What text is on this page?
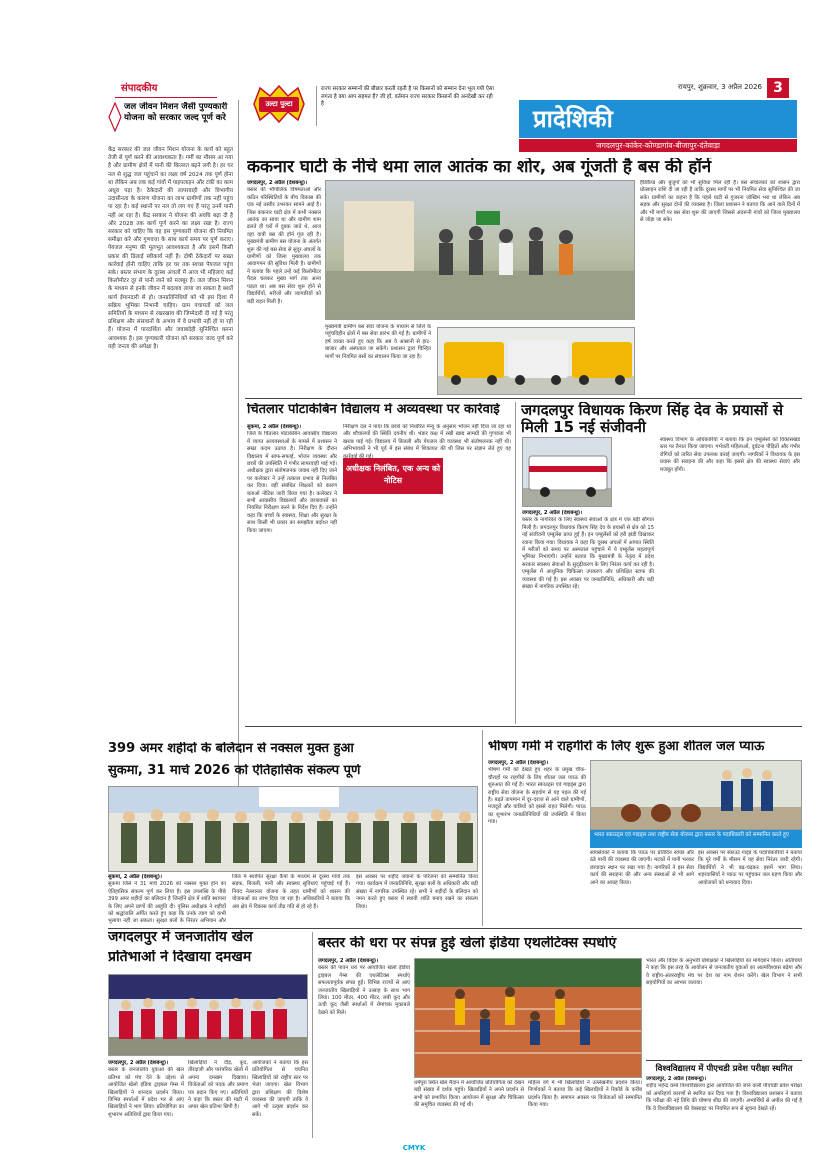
संपादकीय
उल्टा पुल्टा
राज्य सरकार सम्मानों की बौछार करती रहती है पर किसानों को सम्मान देना भूल गयी ऐसा लगता है क्या आप सहमत हैं? जी हाँ, वर्तमान राज्य सरकार किसानों की अनदेखी कर रही है
रायपुर, शुक्रवार, 3 अप्रैल 2026 3
प्रादेशिकी
जगदलपुर-कांकेर-कोण्डागांव-बीजापुर-दंतेवाड़ा
जल जीवन मिशन जैसी पुण्यकारी योजना को सरकार जल्द पूर्ण करे
केंद्र सरकार की जल जीवन मिशन योजना के कार्य को बहुत तेजी से पूर्ण करने की आवश्यकता है। गर्मी का मौसम आ गया है और ग्रामीण क्षेत्रों में पानी की किल्लत बढ़ने लगी है। हर घर नल से शुद्ध जल पहुंचाने का लक्ष्य वर्ष 2024 तक पूर्ण होना था लेकिन अब तक कई गांवों में पाइपलाइन और टंकी का काम अधूरा पड़ा है। ठेकेदारों की लापरवाही और विभागीय उदासीनता के कारण योजना का लाभ ग्रामीणों तक नहीं पहुंच पा रहा है। कई स्थानों पर नल तो लग गए हैं परंतु उनमें पानी नहीं आ रहा है। केंद्र सरकार ने योजना की अवधि बढ़ा दी है और 2028 तक कार्य पूर्ण करने का लक्ष्य रखा है। राज्य सरकार को चाहिए कि वह इस पुण्यकारी योजना की नियमित समीक्षा करे और गुणवत्ता के साथ कार्य समय पर पूर्ण कराए। पेयजल मनुष्य की मूलभूत आवश्यकता है और इसमें किसी प्रकार की ढिलाई स्वीकार्य नहीं है। दोषी ठेकेदारों पर सख्त कार्रवाई होनी चाहिए ताकि हर घर तक स्वच्छ पेयजल पहुंच सके। बस्तर संभाग के दूरस्थ अंचलों में आज भी महिलाएं कई किलोमीटर दूर से पानी लाने को मजबूर हैं। जल जीवन मिशन के माध्यम से इनके जीवन में बदलाव लाया जा सकता है बशर्ते कार्य ईमानदारी से हो। जनप्रतिनिधियों को भी इस दिशा में सक्रिय भूमिका निभानी चाहिए। ग्राम पंचायतों को जल समितियों के माध्यम से रखरखाव की जिम्मेदारी दी गई है परंतु प्रशिक्षण और संसाधनों के अभाव में वे प्रभावी नहीं हो पा रही हैं। योजना में पारदर्शिता और जवाबदेही सुनिश्चित करना आवश्यक है। इस पुण्यकारी योजना को सरकार जल्द पूर्ण करे यही जनता की अपेक्षा है।
ककनार घाटी के नीचे थमा लाल आतंक का शोर, अब गूंजती है बस की हॉर्न
जगदलपुर, 2 अप्रैल (देशबन्धु)।
बस्तर की भौगोलिक विषमताओं और कठिन परिस्थितियों के बीच विकास की एक नई तस्वीर उभरकर सामने आई है। जिस ककनार घाटी क्षेत्र में कभी नक्सल आतंक का साया था और ग्रामीण शाम ढलते ही घरों में दुबक जाते थे, आज वहां यात्री बस की हॉर्न गूंज रही है। मुख्यमंत्री ग्रामीण बस योजना के अंतर्गत शुरू की गई बस सेवा से सुदूर अंचलों के ग्रामीणों को जिला मुख्यालय तक आवागमन की सुविधा मिली है। ग्रामीणों ने बताया कि पहले उन्हें कई किलोमीटर पैदल चलकर मुख्य मार्ग तक आना पड़ता था। अब बस सेवा शुरू होने से विद्यार्थियों, मरीजों और व्यापारियों को बड़ी राहत मिली है।
मुख्यमंत्री ग्रामीण बस सेवा योजना के माध्यम से जिले के पहुंचविहीन क्षेत्रों में बस सेवा प्रारंभ की गई है। ग्रामीणों ने हर्ष व्यक्त करते हुए कहा कि अब वे आसानी से हाट-बाजार और अस्पताल जा सकेंगे। प्रशासन द्वारा चिन्हित मार्गों पर नियमित बसों का संचालन किया जा रहा है।
हैंडिकैप्ड और बुजुर्गों को भी सुविधा मिल रही है। बस संचालकों को शासन द्वारा प्रोत्साहन राशि दी जा रही है ताकि दूरस्थ मार्गों पर भी नियमित सेवा सुनिश्चित की जा सके। ग्रामीणों का कहना है कि पहले घाटी से गुजरना जोखिम भरा था लेकिन अब सड़क और सुरक्षा दोनों की व्यवस्था है। जिला प्रशासन ने बताया कि आने वाले दिनों में और भी मार्गों पर बस सेवा शुरू की जाएगी जिससे अंदरूनी गांवों को जिला मुख्यालय से जोड़ा जा सके।
चिंतलार पोटाकेबिन विद्यालय में अव्यवस्था पर कार्रवाई
सुकमा, 2 अप्रैल (देशबन्धु)।
जिले के चिंतलार पोटाकेबिन आवासीय विद्यालय में व्याप्त अव्यवस्थाओं के मामले में प्रशासन ने सख्त कदम उठाया है। निरीक्षण के दौरान विद्यालय में साफ-सफाई, भोजन व्यवस्था और छात्रों की उपस्थिति में गंभीर लापरवाही पाई गई। अधीक्षक द्वारा संतोषजनक जवाब नहीं दिए जाने पर कलेक्टर ने उन्हें तत्काल प्रभाव से निलंबित कर दिया। वहीं संबंधित शिक्षकों को कारण बताओ नोटिस जारी किया गया है। कलेक्टर ने सभी आवासीय विद्यालयों और छात्रावासों का नियमित निरीक्षण करने के निर्देश दिए हैं। उन्होंने कहा कि बच्चों के स्वास्थ्य, शिक्षा और सुरक्षा के साथ किसी भी प्रकार का समझौता बर्दाश्त नहीं किया जाएगा।
अधीक्षक निलंबित, एक अन्य को नोटिस
निरीक्षण दल ने पाया कि छात्रों को निर्धारित मेन्यू के अनुसार भोजन नहीं दिया जा रहा था और शौचालयों की स्थिति दयनीय थी। भंडार कक्ष में रखी खाद्य सामग्री की गुणवत्ता भी खराब पाई गई। विद्यालय में बिजली और पेयजल की व्यवस्था भी संतोषजनक नहीं थी। अभिभावकों ने भी पूर्व में इस संबंध में शिकायत की थी जिस पर संज्ञान लेते हुए यह कार्रवाई की गई।
जगदलपुर विधायक किरण सिंह देव के प्रयासों से मिली 15 नई संजीवनी
जगदलपुर, 2 अप्रैल (देशबन्धु)।
बस्तर के नागरिकों के लिए स्वास्थ्य सेवाओं के क्षेत्र में एक बड़ी सौगात मिली है। जगदलपुर विधायक किरण सिंह देव के प्रयासों से क्षेत्र को 15 नई संजीवनी एम्बुलेंस प्राप्त हुई हैं। इन एम्बुलेंसों को हरी झंडी दिखाकर रवाना किया गया। विधायक ने कहा कि दूरस्थ अंचलों में आपात स्थिति में मरीजों को समय पर अस्पताल पहुंचाने में ये एम्बुलेंस महत्वपूर्ण भूमिका निभाएंगी। उन्होंने बताया कि मुख्यमंत्री के नेतृत्व में प्रदेश सरकार स्वास्थ्य सेवाओं के सुदृढ़ीकरण के लिए निरंतर कार्य कर रही है। एम्बुलेंस में आधुनिक चिकित्सा उपकरण और प्रशिक्षित स्टाफ की व्यवस्था की गई है। इस अवसर पर जनप्रतिनिधि, अधिकारी और बड़ी संख्या में नागरिक उपस्थित रहे।
स्वास्थ्य विभाग के अधिकारियों ने बताया कि इन एम्बुलेंसों को विकासखंड स्तर पर तैनात किया जाएगा। गर्भवती महिलाओं, दुर्घटना पीड़ितों और गंभीर रोगियों को त्वरित सेवा उपलब्ध कराई जाएगी। नागरिकों ने विधायक के इस प्रयास की सराहना की और कहा कि इससे क्षेत्र की स्वास्थ्य सेवाएं और मजबूत होंगी।
399 अमर शहीदों के बलिदान से नक्सल मुक्त हुआ
सुकमा, 31 मार्च 2026 को ऐतिहासिक संकल्प पूर्ण
सुकमा, 2 अप्रैल (देशबन्धु)।
सुकमा जिले ने 31 मार्च 2026 को नक्सल मुक्त होने का ऐतिहासिक संकल्प पूर्ण कर लिया है। इस उपलब्धि के पीछे 399 अमर शहीदों का बलिदान है जिन्होंने क्षेत्र में शांति स्थापना के लिए अपने प्राणों की आहुति दी। पुलिस अधीक्षक ने शहीदों को श्रद्धांजलि अर्पित करते हुए कहा कि उनके त्याग को कभी भुलाया नहीं जा सकता। सुरक्षा बलों के निरंतर अभियान और
जिले में स्थापित सुरक्षा कैंपों के माध्यम से दूरस्थ गांवों तक सड़क, बिजली, पानी और स्वास्थ्य सुविधाएं पहुंचाई गई हैं। नियद नेल्लानार योजना के तहत ग्रामीणों को शासन की योजनाओं का लाभ दिया जा रहा है। अधिकारियों ने बताया कि अब क्षेत्र में विकास कार्य तीव्र गति से हो रहे हैं।
इस अवसर पर शहीद जवानों के परिजनों को सम्मानित किया गया। कार्यक्रम में जनप्रतिनिधि, सुरक्षा बलों के अधिकारी और बड़ी संख्या में नागरिक उपस्थित रहे। सभी ने शहीदों के बलिदान को नमन करते हुए बस्तर में स्थायी शांति बनाए रखने का संकल्प लिया।
भीषण गर्मी में राहगीरों के लिए शुरू हुआ शीतल जल प्याऊ
जगदलपुर, 2 अप्रैल (देशबन्धु)।
भीषण गर्मी को देखते हुए शहर के प्रमुख चौक-चौराहों पर राहगीरों के लिए शीतल जल प्याऊ की शुरुआत की गई है। भारत स्काउट्स एवं गाइड्स द्वारा राष्ट्रीय सेवा योजना के सहयोग से यह पहल की गई है। बढ़ते तापमान में दूर-दराज से आने वाले ग्रामीणों, मजदूरों और यात्रियों को इससे राहत मिलेगी। प्याऊ का शुभारंभ जनप्रतिनिधियों की उपस्थिति में किया गया।
भारत स्काउट्स एवं गाइड्स तथा राष्ट्रीय सेवा योजना द्वारा बस्तर के पदाधिकारी को सम्मानित करते हुए
स्वयंसेवकों ने बताया कि प्याऊ पर प्रतिदिन स्वच्छ और ठंडे पानी की व्यवस्था की जाएगी। मटकों में पानी भरकर छायादार स्थान पर रखा गया है। नागरिकों ने इस सेवा कार्य की सराहना की और अन्य संस्थाओं से भी आगे आने का आग्रह किया।
इस अवसर पर स्काउट गाइड के पदाधिकारियों ने बताया कि पूरे गर्मी के मौसम में यह सेवा निरंतर जारी रहेगी। विद्यार्थियों ने भी बढ़-चढ़कर इसमें भाग लिया। शहरवासियों ने प्याऊ पर पहुंचकर जल ग्रहण किया और आयोजकों को धन्यवाद दिया।
जगदलपुर में जनजातीय खेल
प्रतिभाओं ने दिखाया दमखम
जगदलपुर, 2 अप्रैल (देशबन्धु)।
बस्तर के जनजातीय युवाओं की खेल प्रतिभा को मंच देने के उद्देश्य से आयोजित खेलो इंडिया ट्राइबल गेम्स में खिलाड़ियों ने शानदार प्रदर्शन किया। विभिन्न स्पर्धाओं में प्रदेश भर से आए खिलाड़ियों ने भाग लिया। प्रतियोगिता का शुभारंभ अतिथियों द्वारा किया गया।
खिलाड़ियों ने दौड़, कूद, तीरंदाजी और पारंपरिक खेलों में अपना दमखम दिखाया। विजेताओं को पदक और प्रमाण पत्र प्रदान किए गए। अतिथियों ने कहा कि बस्तर की माटी में अपार खेल प्रतिभा छिपी है।
आयोजकों ने बताया कि इस प्रतियोगिता से चयनित खिलाड़ियों को राष्ट्रीय स्तर पर भेजा जाएगा। खेल विभाग द्वारा प्रशिक्षण की विशेष व्यवस्था की जाएगी ताकि वे आगे भी उत्कृष्ट प्रदर्शन कर सकें।
बस्तर की धरा पर संपन्न हुई खेलो इंडिया एथलेटिक्स स्पर्धाएं
जगदलपुर, 2 अप्रैल (देशबन्धु)।
बस्तर की पावन धरा पर आयोजित खेलो इंडिया ट्राइबल गेम्स की एथलेटिक्स स्पर्धाएं सफलतापूर्वक संपन्न हुईं। विभिन्न राज्यों से आए जनजातीय खिलाड़ियों ने उत्साह के साथ भाग लिया। 100 मीटर, 400 मीटर, लंबी कूद और ऊंची कूद जैसी स्पर्धाओं में रोमांचक मुकाबले देखने को मिले।
धर्मपुरा स्थित खेल मैदान में आयोजित प्रतियोगिता को देखने बड़ी संख्या में दर्शक पहुंचे। खिलाड़ियों ने अपने प्रदर्शन से सभी को प्रभावित किया। आयोजन में सुरक्षा और चिकित्सा की समुचित व्यवस्था की गई थी।
महिला वर्ग में भी खिलाड़ियों ने उल्लेखनीय प्रदर्शन किया। निर्णायकों ने बताया कि कई खिलाड़ियों ने रिकॉर्ड के करीब प्रदर्शन किया है। समापन अवसर पर विजेताओं को सम्मानित किया गया।
भारत और विदेश के अनुभवी प्रशिक्षकों ने खिलाड़ियों का मार्गदर्शन किया। अतिथियों ने कहा कि इस तरह के आयोजन से जनजातीय युवाओं का आत्मविश्वास बढ़ेगा और वे राष्ट्रीय-अंतरराष्ट्रीय मंच पर देश का नाम रोशन करेंगे। खेल विभाग ने सभी सहयोगियों का आभार जताया।
विश्वविद्यालय में पीएचडी प्रवेश परीक्षा स्थगित
जगदलपुर, 2 अप्रैल (देशबन्धु)।
शहीद महेन्द्र कर्मा विश्वविद्यालय द्वारा आयोजित की जाने वाली पीएचडी प्रवेश परीक्षा को अपरिहार्य कारणों से स्थगित कर दिया गया है। विश्वविद्यालय प्रशासन ने बताया कि परीक्षा की नई तिथि की घोषणा शीघ्र की जाएगी। अभ्यर्थियों से अपील की गई है कि वे विश्वविद्यालय की वेबसाइट पर नियमित रूप से सूचना देखते रहें।
CMYK
